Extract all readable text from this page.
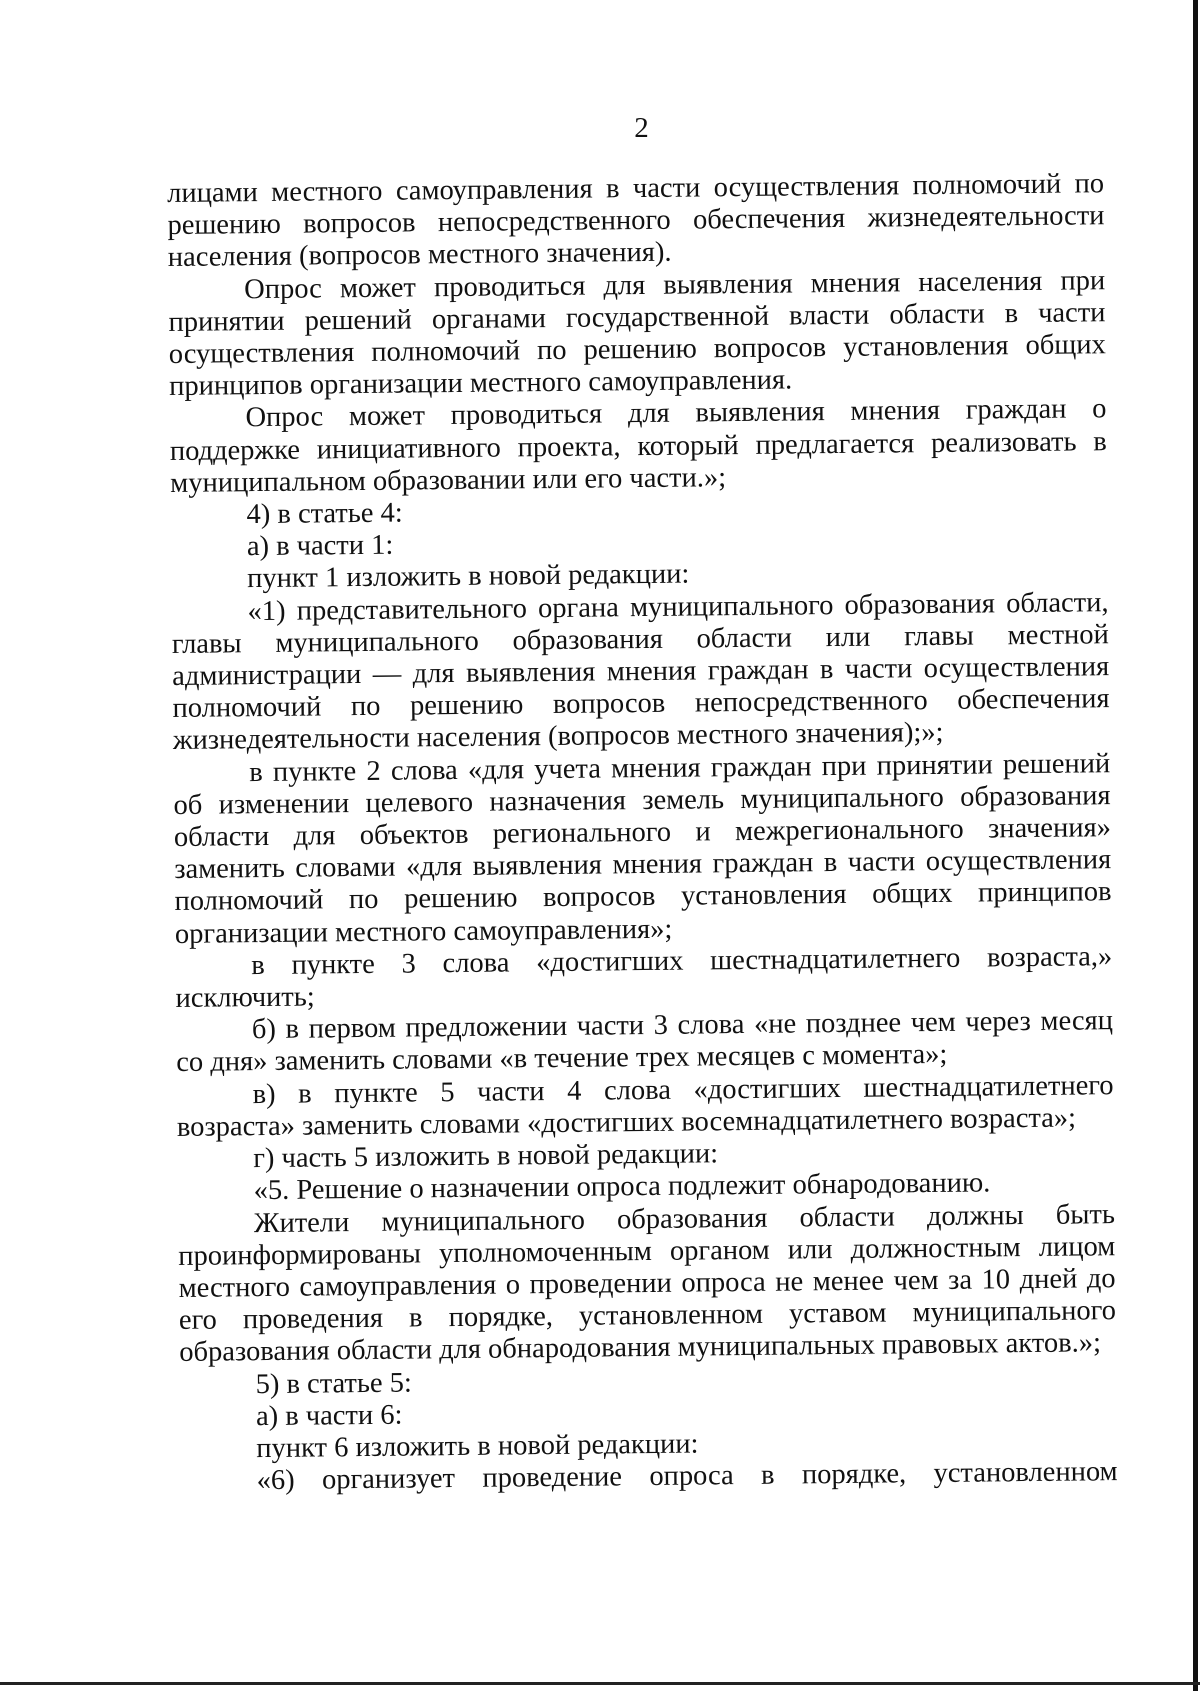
2

лицами местного самоуправления в части осуществления полномочий по решению вопросов непосредственного обеспечения жизнедеятельности населения (вопросов местного значения).

Опрос может проводиться для выявления мнения населения при принятии решений органами государственной власти области в части осуществления полномочий по решению вопросов установления общих принципов организации местного самоуправления.

Опрос может проводиться для выявления мнения граждан о поддержке инициативного проекта, который предлагается реализовать в муниципальном образовании или его части.»;

4) в статье 4:

а) в части 1:

пункт 1 изложить в новой редакции:

«1) представительного органа муниципального образования области, главы муниципального образования области или главы местной администрации — для выявления мнения граждан в части осуществления полномочий по решению вопросов непосредственного обеспечения жизнедеятельности населения (вопросов местного значения);»;

в пункте 2 слова «для учета мнения граждан при принятии решений об изменении целевого назначения земель муниципального образования области для объектов регионального и межрегионального значения» заменить словами «для выявления мнения граждан в части осуществления полномочий по решению вопросов установления общих принципов организации местного самоуправления»;

в пункте 3 слова «достигших шестнадцатилетнего возраста,» исключить;

б) в первом предложении части 3 слова «не позднее чем через месяц со дня» заменить словами «в течение трех месяцев с момента»;

в) в пункте 5 части 4 слова «достигших шестнадцатилетнего возраста» заменить словами «достигших восемнадцатилетнего возраста»;

г) часть 5 изложить в новой редакции:

«5. Решение о назначении опроса подлежит обнародованию.

Жители муниципального образования области должны быть проинформированы уполномоченным органом или должностным лицом местного самоуправления о проведении опроса не менее чем за 10 дней до его проведения в порядке, установленном уставом муниципального образования области для обнародования муниципальных правовых актов.»;

5) в статье 5:

а) в части 6:

пункт 6 изложить в новой редакции:

«6) организует проведение опроса в порядке, установленном
